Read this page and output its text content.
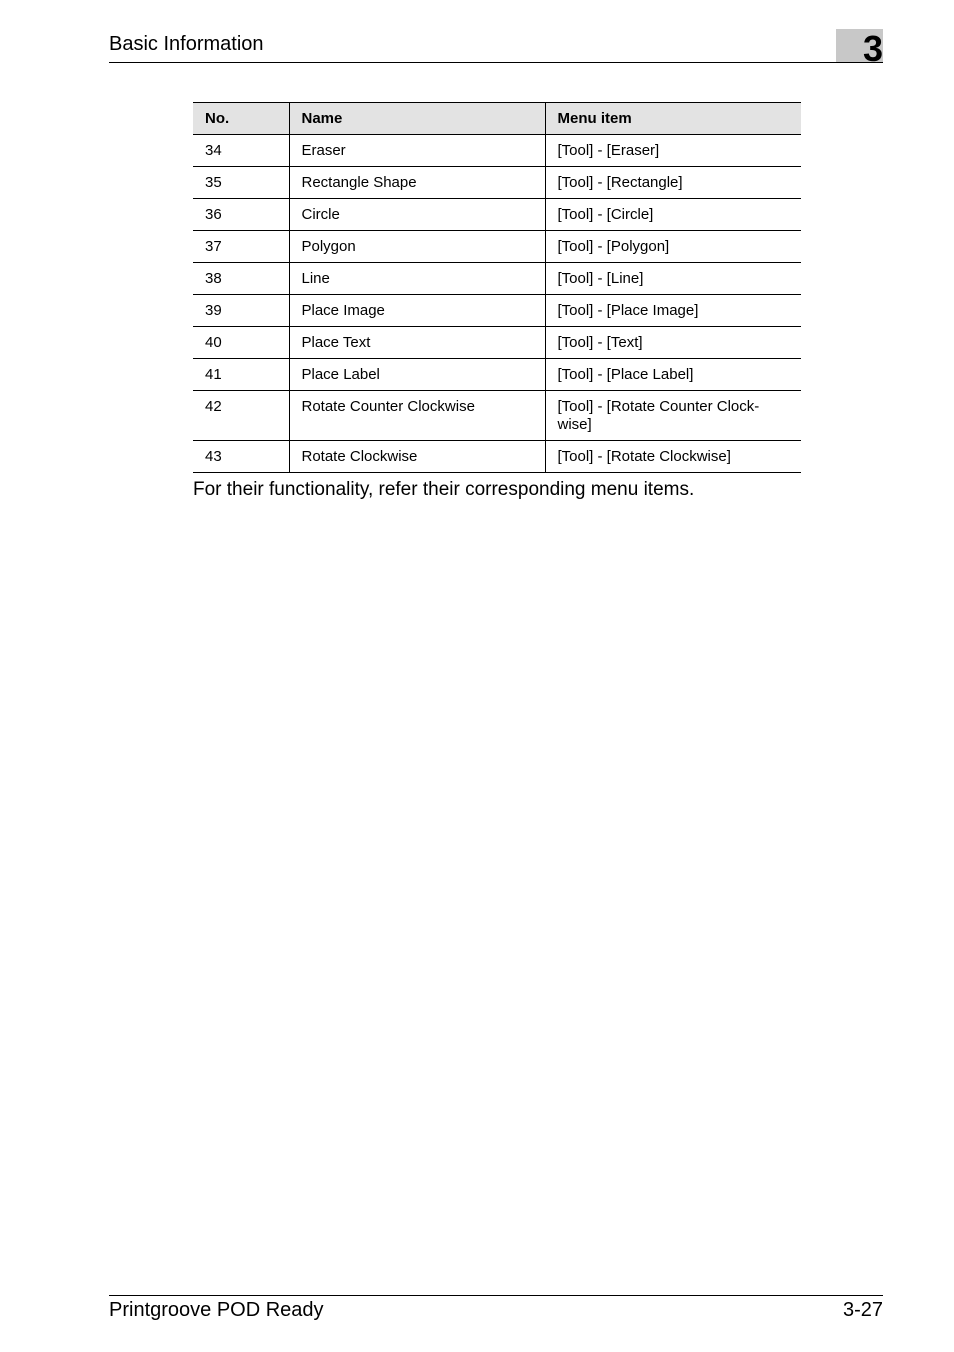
Basic Information	3
No.	Name	Menu item
34	Eraser	[Tool] - [Eraser]
35	Rectangle Shape	[Tool] - [Rectangle]
36	Circle	[Tool] - [Circle]
37	Polygon	[Tool] - [Polygon]
38	Line	[Tool] - [Line]
39	Place Image	[Tool] - [Place Image]
40	Place Text	[Tool] - [Text]
41	Place Label	[Tool] - [Place Label]
42	Rotate Counter Clockwise	[Tool] - [Rotate Counter Clock-wise]
43	Rotate Clockwise	[Tool] - [Rotate Clockwise]

For their functionality, refer their corresponding menu items.

Printgroove POD Ready	3-27
